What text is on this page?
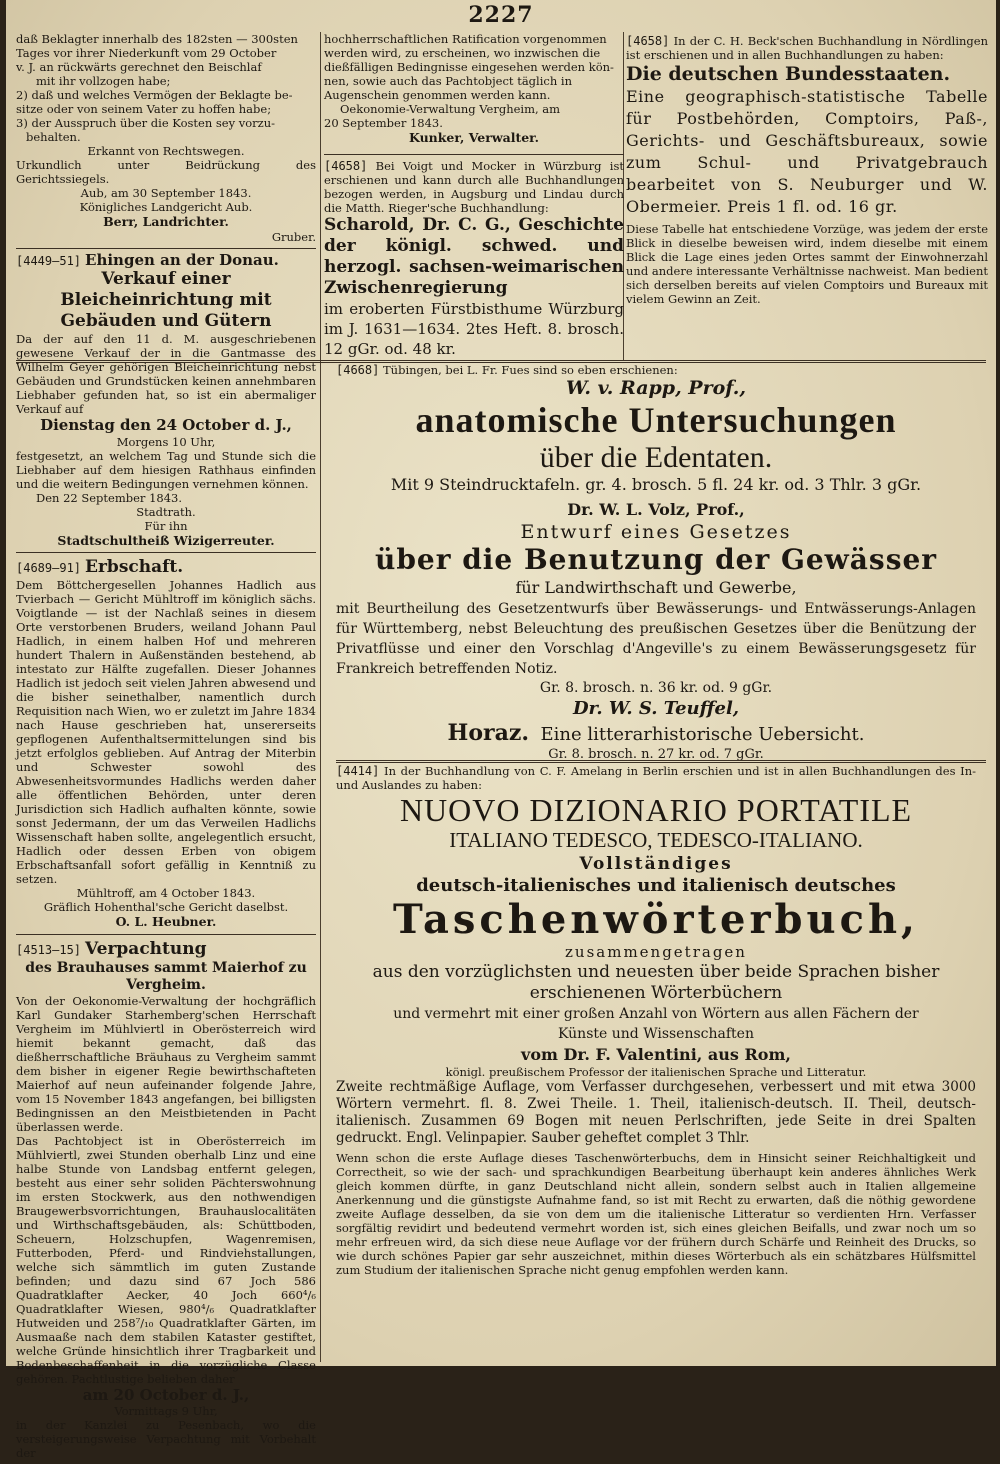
2227

daß Beklagter innerhalb des 182sten — 300sten

Tages vor ihrer Niederkunft vom 29 October

v. J. an rückwärts gerechnet den Beischlaf

mit ihr vollzogen habe;

2) daß und welches Vermögen der Beklagte be-

sitze oder von seinem Vater zu hoffen habe;

3) der Ausspruch über die Kosten sey vorzu-

behalten.

Erkannt von Rechtswegen.

Urkundlich unter Beidrückung des Gerichtssiegels.

Aub, am 30 September 1843.

Königliches Landgericht Aub.

Berr, Landrichter.

Gruber.

[4449–51] Ehingen an der Donau.

Verkauf einer Bleicheinrichtung mit Gebäuden und Gütern

Da der auf den 11 d. M. ausgeschriebenen gewesene Verkauf der in die Gantmasse des Wilhelm Geyer gehörigen Bleicheinrichtung nebst Gebäuden und Grundstücken keinen annehmbaren Liebhaber gefunden hat, so ist ein abermaliger Verkauf auf

Dienstag den 24 October d. J.,

Morgens 10 Uhr,

festgesetzt, an welchem Tag und Stunde sich die Liebhaber auf dem hiesigen Rathhaus einfinden und die weitern Bedingungen vernehmen können.

Den 22 September 1843.

Stadtrath.

Für ihn

Stadtschultheiß Wizigerreuter.

[4689–91] Erbschaft.

Dem Böttchergesellen Johannes Hadlich aus Tvierbach — Gericht Mühltroff im königlich sächs. Voigtlande — ist der Nachlaß seines in diesem Orte verstorbenen Bruders, weiland Johann Paul Hadlich, in einem halben Hof und mehreren hundert Thalern in Außenständen bestehend, ab intestato zur Hälfte zugefallen. Dieser Johannes Hadlich ist jedoch seit vielen Jahren abwesend und die bisher seinethalber, namentlich durch Requisition nach Wien, wo er zuletzt im Jahre 1834 nach Hause geschrieben hat, unsererseits gepflogenen Aufenthaltsermittelungen sind bis jetzt erfolglos geblieben. Auf Antrag der Miterbin und Schwester sowohl des Abwesenheitsvormundes Hadlichs werden daher alle öffentlichen Behörden, unter deren Jurisdiction sich Hadlich aufhalten könnte, sowie sonst Jedermann, der um das Verweilen Hadlichs Wissenschaft haben sollte, angelegentlich ersucht, Hadlich oder dessen Erben von obigem Erbschaftsanfall sofort gefällig in Kenntniß zu setzen.

Mühltroff, am 4 October 1843.

Gräflich Hohenthal'sche Gericht daselbst.

O. L. Heubner.

[4513–15] Verpachtung

des Brauhauses sammt Maierhof zu Vergheim.

Von der Oekonomie-Verwaltung der hochgräflich Karl Gundaker Starhemberg'schen Herrschaft Vergheim im Mühlviertl in Oberösterreich wird hiemit bekannt gemacht, daß das dießherrschaftliche Bräuhaus zu Vergheim sammt dem bisher in eigener Regie bewirthschafteten Maierhof auf neun aufeinander folgende Jahre, vom 15 November 1843 angefangen, bei billigsten Bedingnissen an den Meistbietenden in Pacht überlassen werde.

Das Pachtobject ist in Oberösterreich im Mühlviertl, zwei Stunden oberhalb Linz und eine halbe Stunde von Landsbag entfernt gelegen, besteht aus einer sehr soliden Pächterswohnung im ersten Stockwerk, aus den nothwendigen Braugewerbsvorrichtungen, Brauhauslocalitäten und Wirthschaftsgebäuden, als: Schüttboden, Scheuern, Holzschupfen, Wagenremisen, Futterboden, Pferd- und Rindviehstallungen, welche sich sämmtlich im guten Zustande befinden; und dazu sind 67 Joch 586 Quadratklafter Aecker, 40 Joch 660⁴/₆ Quadratklafter Wiesen, 980⁴/₆ Quadratklafter Hutweiden und 258⁷/₁₀ Quadratklafter Gärten, im Ausmaaße nach dem stabilen Kataster gestiftet, welche Gründe hinsichtlich ihrer Tragbarkeit und Bodenbeschaffenheit in die vorzügliche Classe gehören. Pachtlustige belieben daher

am 20 October d. J.,

Vormittags 9 Uhr,

in der Kanzlei zu Pesenbach, wo die versteigerungsweise Verpachtung mit Vorbehalt der

hochherrschaftlichen Ratification vorgenommen

werden wird, zu erscheinen, wo inzwischen die

dießfälligen Bedingnisse eingesehen werden kön-

nen, sowie auch das Pachtobject täglich in

Augenschein genommen werden kann.

Oekonomie-Verwaltung Vergheim, am

20 September 1843.

Kunker, Verwalter.

[4658] Bei Voigt und Mocker in Würzburg ist erschienen und kann durch alle Buchhandlungen bezogen werden, in Augsburg und Lindau durch die Matth. Rieger'sche Buchhandlung:

Scharold, Dr. C. G., Geschichte der königl. schwed. und herzogl. sachsen-weimarischen Zwischenregierung

im eroberten Fürstbisthume Würzburg im J. 1631—1634. 2tes Heft. 8. brosch. 12 gGr. od. 48 kr.

[4658] In der C. H. Beck'schen Buchhandlung in Nördlingen ist erschienen und in allen Buchhandlungen zu haben:

Die deutschen Bundesstaaten.

Eine geographisch-statistische Tabelle für Postbehörden, Comptoirs, Paß-, Gerichts- und Geschäftsbureaux, sowie zum Schul- und Privatgebrauch bearbeitet von S. Neuburger und W. Obermeier. Preis 1 fl. od. 16 gr.

Diese Tabelle hat entschiedene Vorzüge, was jedem der erste Blick in dieselbe beweisen wird, indem dieselbe mit einem Blick die Lage eines jeden Ortes sammt der Einwohnerzahl und andere interessante Verhältnisse nachweist. Man bedient sich derselben bereits auf vielen Comptoirs und Bureaux mit vielem Gewinn an Zeit.

[4668] Tübingen, bei L. Fr. Fues sind so eben erschienen:

W. v. Rapp, Prof.,

anatomische Untersuchungen

über die Edentaten.

Mit 9 Steindrucktafeln. gr. 4. brosch. 5 fl. 24 kr. od. 3 Thlr. 3 gGr.

Dr. W. L. Volz, Prof.,

Entwurf eines Gesetzes

über die Benutzung der Gewässer

für Landwirthschaft und Gewerbe,

mit Beurtheilung des Gesetzentwurfs über Bewässerungs- und Entwässerungs-Anlagen für Württemberg, nebst Beleuchtung des preußischen Gesetzes über die Benützung der Privatflüsse und einer den Vorschlag d'Angeville's zu einem Bewässerungsgesetz für Frankreich betreffenden Notiz.

Gr. 8. brosch. n. 36 kr. od. 9 gGr.

Dr. W. S. Teuffel,

Horaz. Eine litterarhistorische Uebersicht.

Gr. 8. brosch. n. 27 kr. od. 7 gGr.

[4414] In der Buchhandlung von C. F. Amelang in Berlin erschien und ist in allen Buchhandlungen des In- und Auslandes zu haben:

NUOVO DIZIONARIO PORTATILE

ITALIANO TEDESCO, TEDESCO-ITALIANO.

Vollständiges

deutsch-italienisches und italienisch deutsches

Taschenwörterbuch,

zusammengetragen

aus den vorzüglichsten und neuesten über beide Sprachen bisher

erschienenen Wörterbüchern

und vermehrt mit einer großen Anzahl von Wörtern aus allen Fächern der

Künste und Wissenschaften

vom Dr. F. Valentini, aus Rom,

königl. preußischem Professor der italienischen Sprache und Litteratur.

Zweite rechtmäßige Auflage, vom Verfasser durchgesehen, verbessert und mit etwa 3000 Wörtern vermehrt. fl. 8. Zwei Theile. 1. Theil, italienisch-deutsch. II. Theil, deutsch-italienisch. Zusammen 69 Bogen mit neuen Perlschriften, jede Seite in drei Spalten gedruckt. Engl. Velinpapier. Sauber geheftet complet 3 Thlr.

Wenn schon die erste Auflage dieses Taschenwörterbuchs, dem in Hinsicht seiner Reichhaltigkeit und Correctheit, so wie der sach- und sprachkundigen Bearbeitung überhaupt kein anderes ähnliches Werk gleich kommen dürfte, in ganz Deutschland nicht allein, sondern selbst auch in Italien allgemeine Anerkennung und die günstigste Aufnahme fand, so ist mit Recht zu erwarten, daß die nöthig gewordene zweite Auflage desselben, da sie von dem um die italienische Litteratur so verdienten Hrn. Verfasser sorgfältig revidirt und bedeutend vermehrt worden ist, sich eines gleichen Beifalls, und zwar noch um so mehr erfreuen wird, da sich diese neue Auflage vor der frühern durch Schärfe und Reinheit des Drucks, so wie durch schönes Papier gar sehr auszeichnet, mithin dieses Wörterbuch als ein schätzbares Hülfsmittel zum Studium der italienischen Sprache nicht genug empfohlen werden kann.
